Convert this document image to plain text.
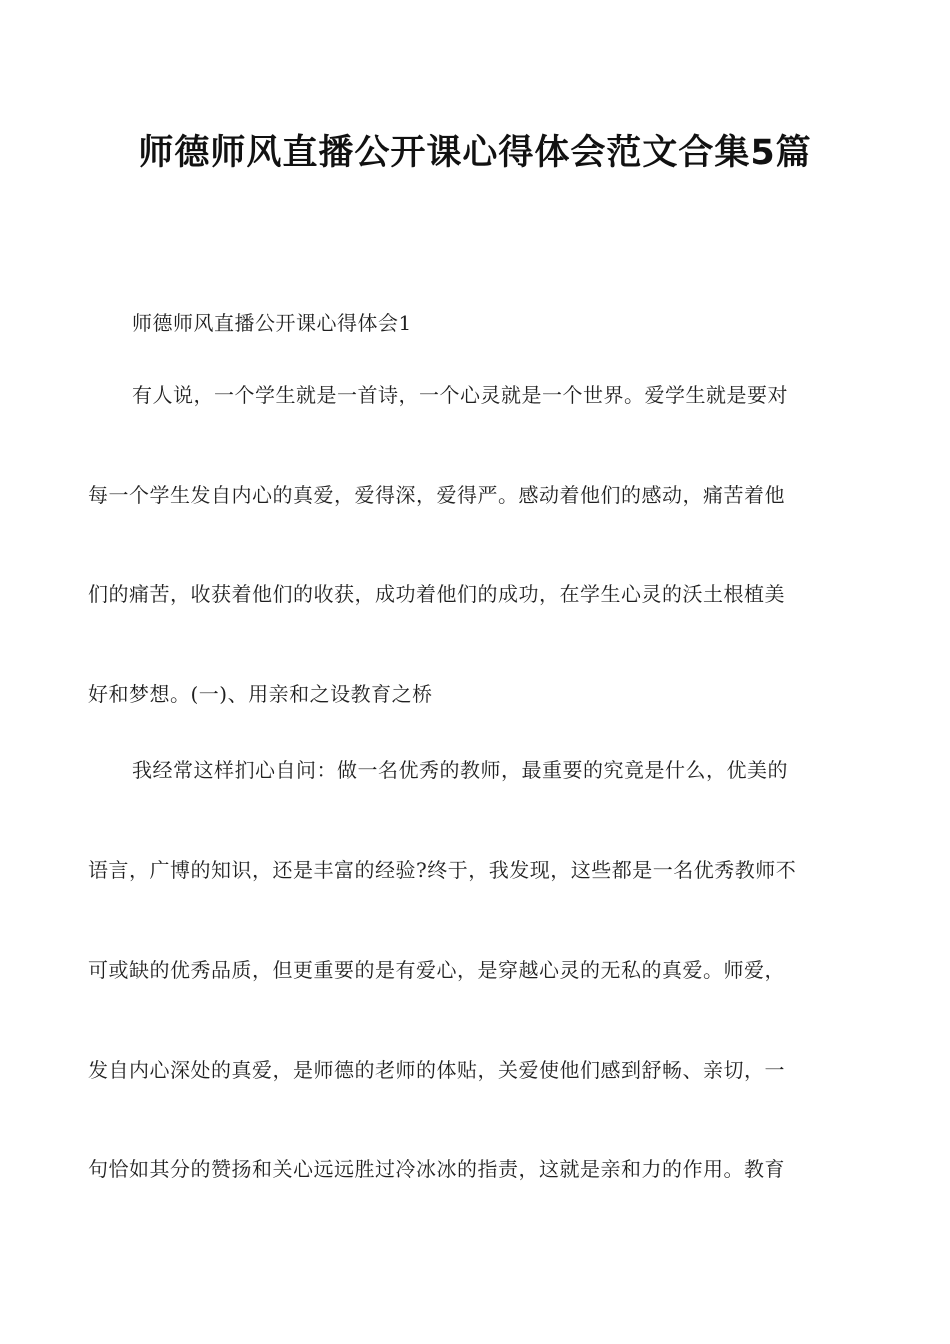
师德师风直播公开课心得体会范文合集5篇
师德师风直播公开课心得体会1
有人说，一个学生就是一首诗，一个心灵就是一个世界。爱学生就是要对
每一个学生发自内心的真爱，爱得深，爱得严。感动着他们的感动，痛苦着他
们的痛苦，收获着他们的收获，成功着他们的成功，在学生心灵的沃土根植美
好和梦想。(一)、用亲和之设教育之桥
我经常这样扪心自问：做一名优秀的教师，最重要的究竟是什么，优美的
语言，广博的知识，还是丰富的经验?终于，我发现，这些都是一名优秀教师不
可或缺的优秀品质，但更重要的是有爱心，是穿越心灵的无私的真爱。师爱，
发自内心深处的真爱，是师德的老师的体贴，关爱使他们感到舒畅、亲切，一
句恰如其分的赞扬和关心远远胜过冷冰冰的指责，这就是亲和力的作用。教育
